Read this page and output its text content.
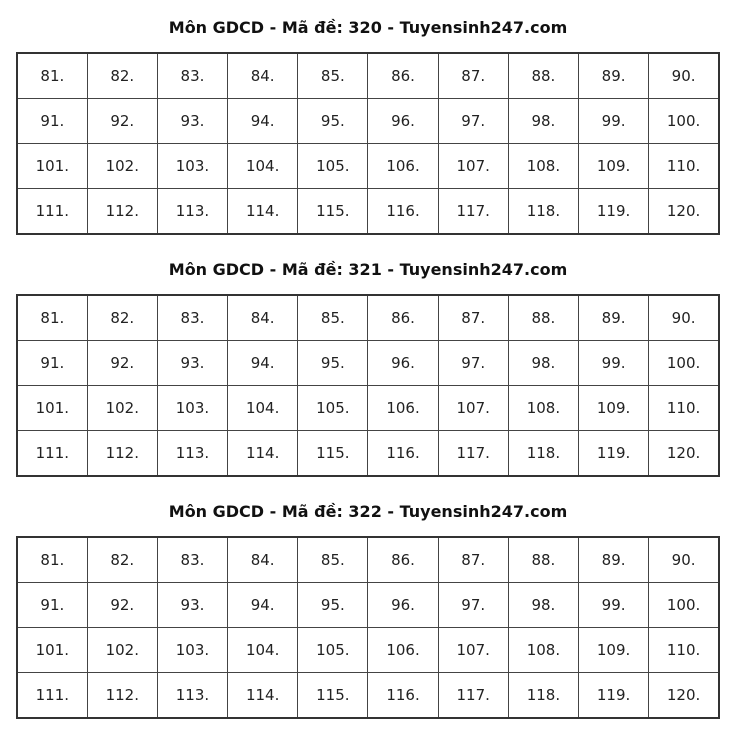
Môn GDCD - Mã đề: 320 - Tuyensinh247.com
81.	82.	83.	84.	85.	86.	87.	88.	89.	90.
91.	92.	93.	94.	95.	96.	97.	98.	99.	100.
101.	102.	103.	104.	105.	106.	107.	108.	109.	110.
111.	112.	113.	114.	115.	116.	117.	118.	119.	120.
Môn GDCD - Mã đề: 321 - Tuyensinh247.com
81.	82.	83.	84.	85.	86.	87.	88.	89.	90.
91.	92.	93.	94.	95.	96.	97.	98.	99.	100.
101.	102.	103.	104.	105.	106.	107.	108.	109.	110.
111.	112.	113.	114.	115.	116.	117.	118.	119.	120.
Môn GDCD - Mã đề: 322 - Tuyensinh247.com
81.	82.	83.	84.	85.	86.	87.	88.	89.	90.
91.	92.	93.	94.	95.	96.	97.	98.	99.	100.
101.	102.	103.	104.	105.	106.	107.	108.	109.	110.
111.	112.	113.	114.	115.	116.	117.	118.	119.	120.
